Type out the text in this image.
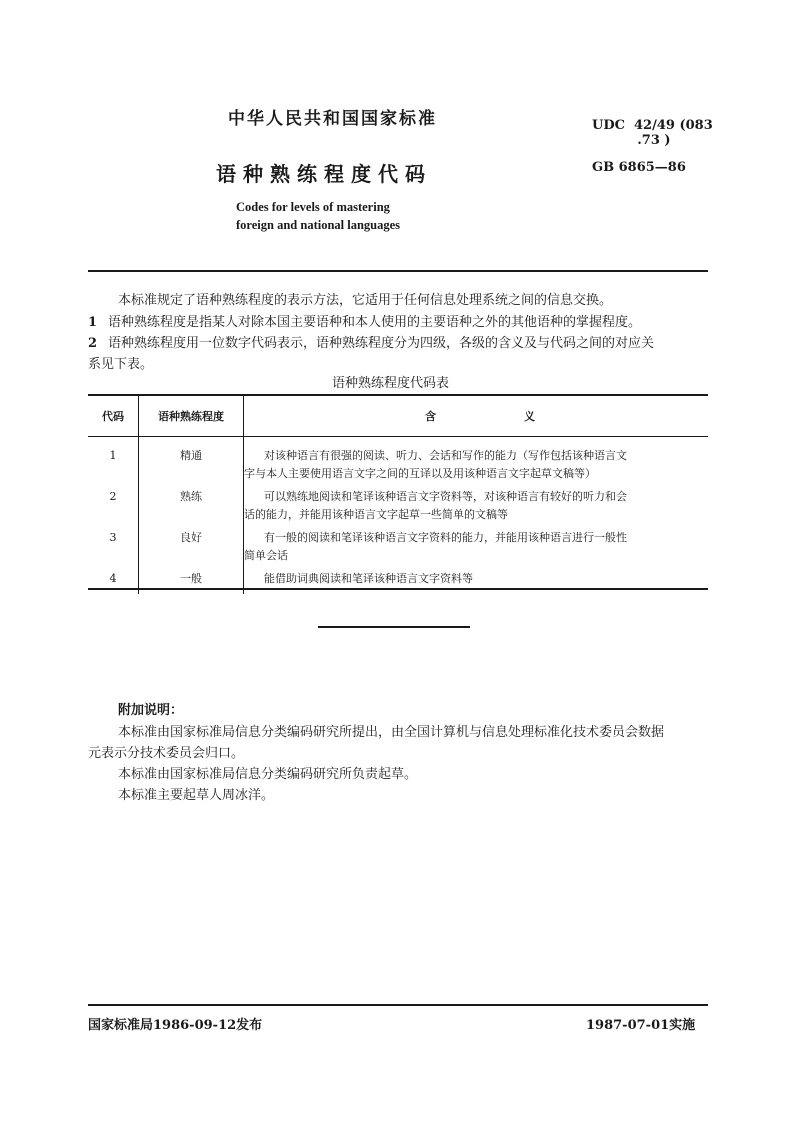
中华人民共和国国家标准	UDC  42/49 (083
.73 )
语种熟练程度代码	GB 6865—86
Codes for levels of mastering
foreign and national languages
本标准规定了语种熟练程度的表示方法，它适用于任何信息处理系统之间的信息交换。
1 语种熟练程度是指某人对除本国主要语种和本人使用的主要语种之外的其他语种的掌握程度。
2 语种熟练程度用一位数字代码表示，语种熟练程度分为四级，各级的含义及与代码之间的对应关
系见下表。
语种熟练程度代码表
代码	语种熟练程度	含　　　　　　　　义
1	精通	对该种语言有很强的阅读、听力、会话和写作的能力（写作包括该种语言文
字与本人主要使用语言文字之间的互译以及用该种语言文字起草文稿等）

2	熟练	可以熟练地阅读和笔译该种语言文字资料等，对该种语言有较好的听力和会
话的能力，并能用该种语言文字起草一些简单的文稿等

3	良好	有一般的阅读和笔译该种语言文字资料的能力，并能用该种语言进行一般性
简单会话

4	一般	能借助词典阅读和笔译该种语言文字资料等
附加说明：
本标准由国家标准局信息分类编码研究所提出，由全国计算机与信息处理标准化技术委员会数据
元表示分技术委员会归口。
本标准由国家标准局信息分类编码研究所负责起草。
本标准主要起草人周冰洋。
国家标准局1986-09-12发布	1987-07-01实施
